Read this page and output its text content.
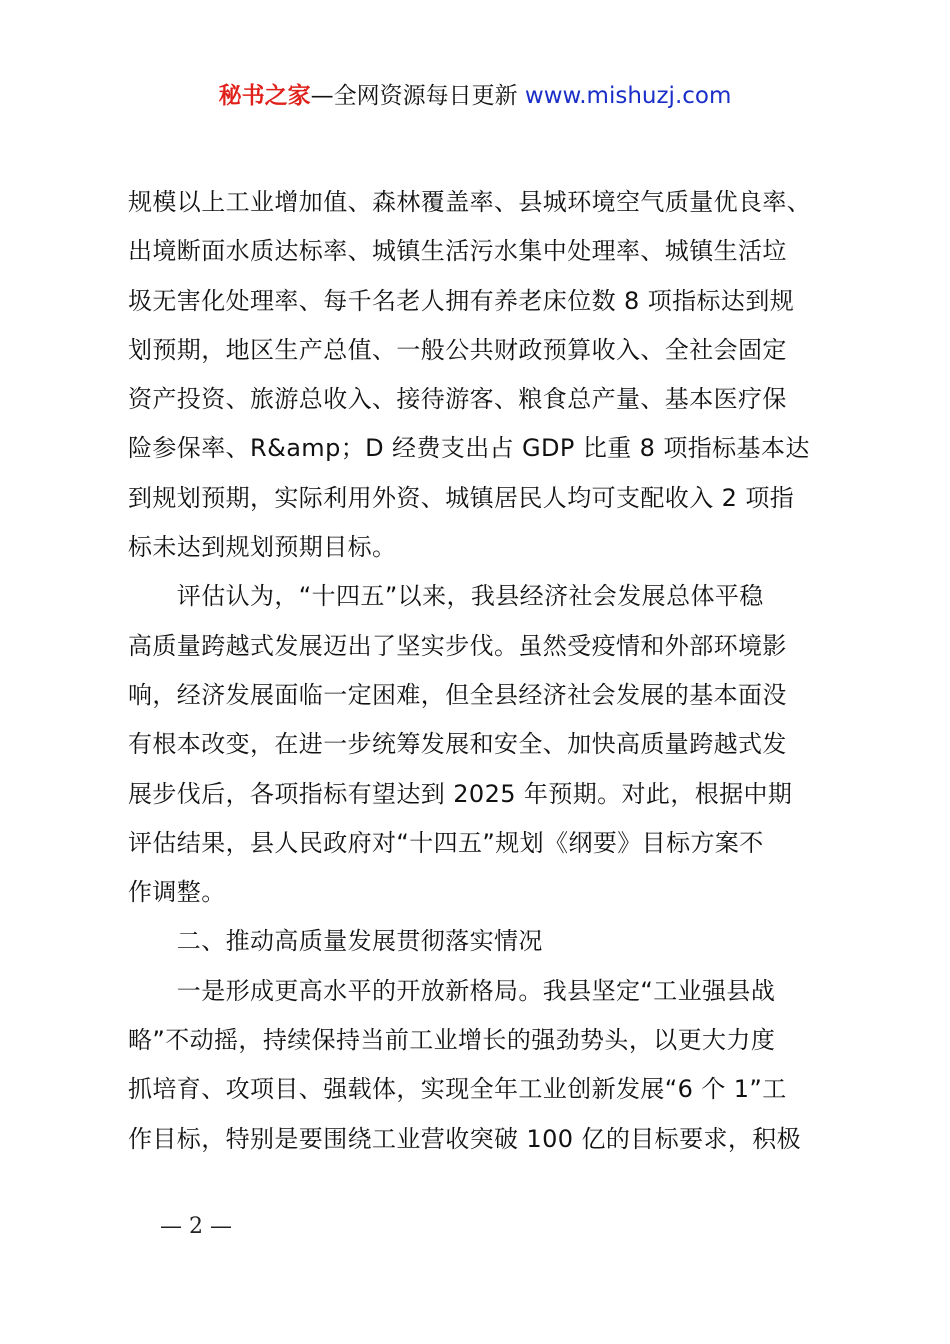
秘书之家—全网资源每日更新 www.mishuzj.com
规模以上工业增加值、森林覆盖率、县城环境空气质量优良率、
出境断面水质达标率、城镇生活污水集中处理率、城镇生活垃
圾无害化处理率、每千名老人拥有养老床位数 8 项指标达到规
划预期，地区生产总值、一般公共财政预算收入、全社会固定
资产投资、旅游总收入、接待游客、粮食总产量、基本医疗保
险参保率、R&amp；D 经费支出占 GDP 比重 8 项指标基本达
到规划预期，实际利用外资、城镇居民人均可支配收入 2 项指
标未达到规划预期目标。
　　评估认为，“十四五”以来，我县经济社会发展总体平稳
高质量跨越式发展迈出了坚实步伐。虽然受疫情和外部环境影
响，经济发展面临一定困难，但全县经济社会发展的基本面没
有根本改变，在进一步统筹发展和安全、加快高质量跨越式发
展步伐后，各项指标有望达到 2025 年预期。对此，根据中期
评估结果，县人民政府对“十四五”规划《纲要》目标方案不
作调整。
　　二、推动高质量发展贯彻落实情况
　　一是形成更高水平的开放新格局。我县坚定“工业强县战
略”不动摇，持续保持当前工业增长的强劲势头，以更大力度
抓培育、攻项目、强载体，实现全年工业创新发展“6 个 1”工
作目标，特别是要围绕工业营收突破 100 亿的目标要求，积极
— 2 —
